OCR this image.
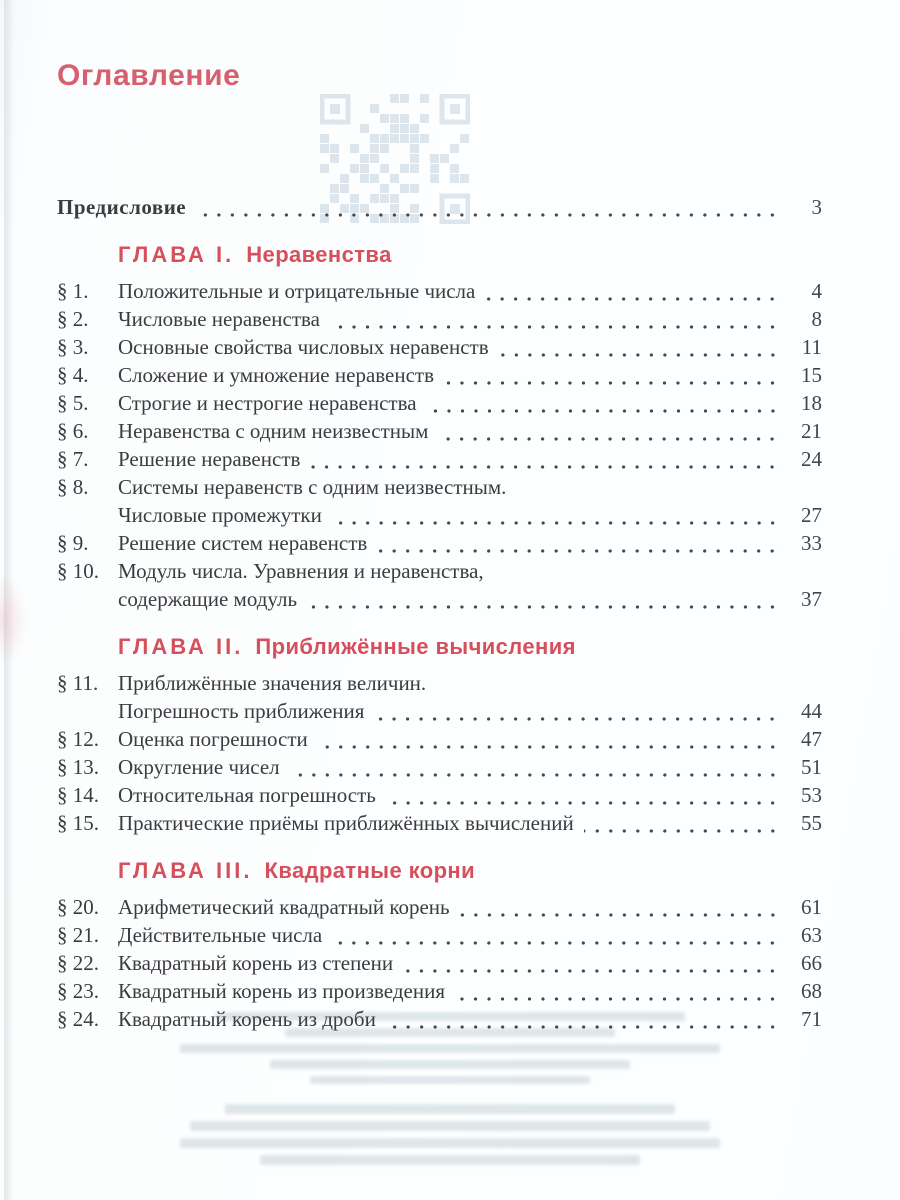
Оглавление
Предисловие	3
ГЛАВА I. Неравенства
§ 1.	Положительные и отрицательные числа	4
§ 2.	Числовые неравенства	8
§ 3.	Основные свойства числовых неравенств	11
§ 4.	Сложение и умножение неравенств	15
§ 5.	Строгие и нестрогие неравенства	18
§ 6.	Неравенства с одним неизвестным	21
§ 7.	Решение неравенств	24
§ 8.	Системы неравенств с одним неизвестным.
Числовые промежутки	27
§ 9.	Решение систем неравенств	33
§ 10. Модуль числа. Уравнения и неравенства,
содержащие модуль	37
ГЛАВА II. Приближённые вычисления
§ 11. Приближённые значения величин.
Погрешность приближения	44
§ 12. Оценка погрешности	47
§ 13. Округление чисел	51
§ 14. Относительная погрешность	53
§ 15. Практические приёмы приближённых вычислений	55
ГЛАВА III. Квадратные корни
§ 20. Арифметический квадратный корень	61
§ 21. Действительные числа	63
§ 22. Квадратный корень из степени	66
§ 23. Квадратный корень из произведения	68
§ 24. Квадратный корень из дроби	71
